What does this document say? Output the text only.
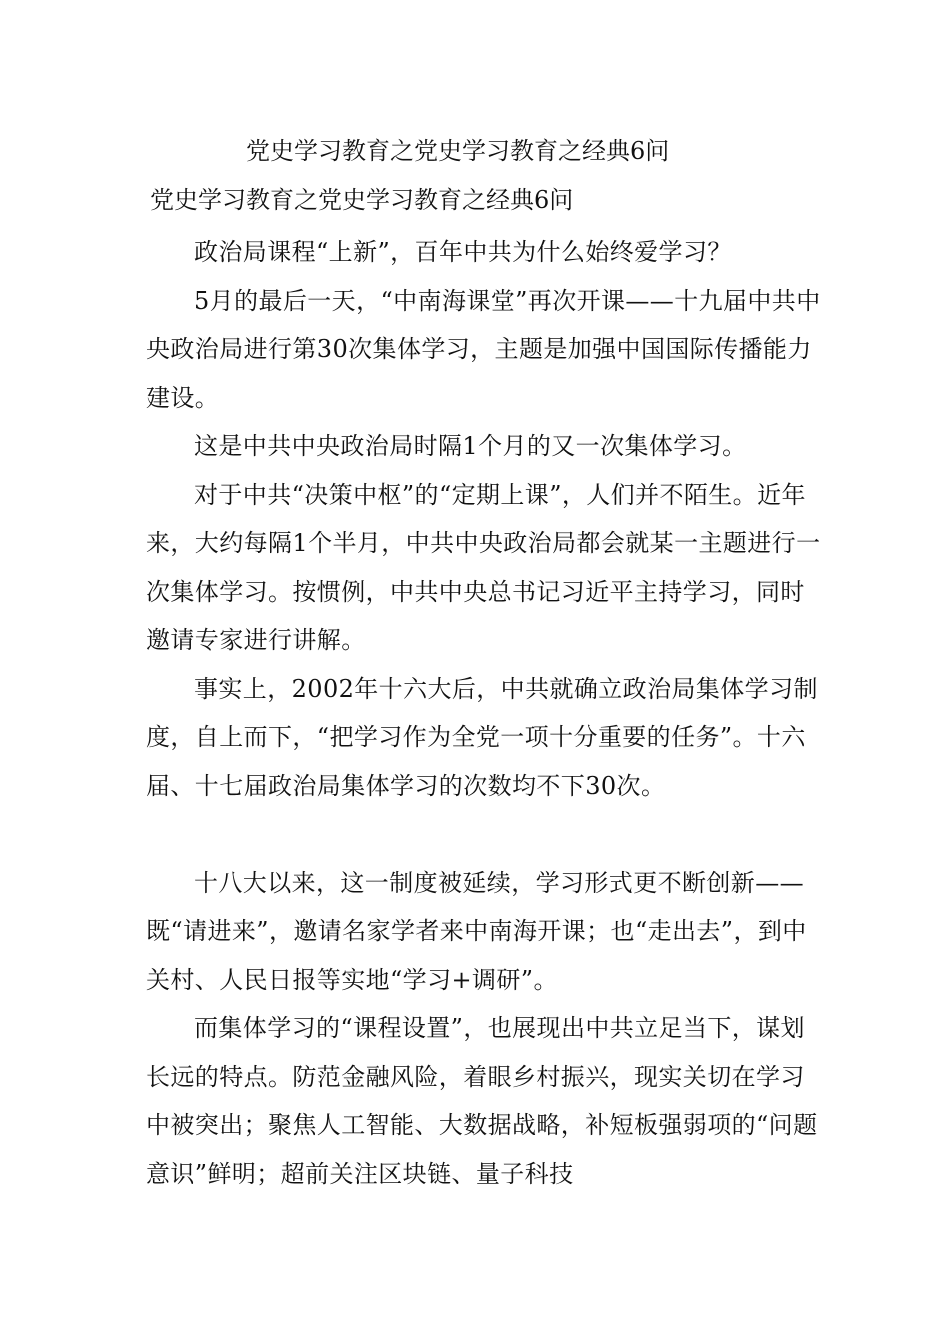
党史学习教育之党史学习教育之经典6问
党史学习教育之党史学习教育之经典6问

政治局课程“上新”，百年中共为什么始终爱学习？

5月的最后一天，“中南海课堂”再次开课——十九届中共中央政治局进行第30次集体学习，主题是加强中国国际传播能力建设。

这是中共中央政治局时隔1个月的又一次集体学习。

对于中共“决策中枢”的“定期上课”，人们并不陌生。近年来，大约每隔1个半月，中共中央政治局都会就某一主题进行一次集体学习。按惯例，中共中央总书记习近平主持学习，同时邀请专家进行讲解。

事实上，2002年十六大后，中共就确立政治局集体学习制度，自上而下，“把学习作为全党一项十分重要的任务”。十六届、十七届政治局集体学习的次数均不下30次。

十八大以来，这一制度被延续，学习形式更不断创新——既“请进来”，邀请名家学者来中南海开课；也“走出去”，到中关村、人民日报等实地“学习+调研”。

而集体学习的“课程设置”，也展现出中共立足当下，谋划长远的特点。防范金融风险，着眼乡村振兴，现实关切在学习中被突出；聚焦人工智能、大数据战略，补短板强弱项的“问题意识”鲜明；超前关注区块链、量子科技
